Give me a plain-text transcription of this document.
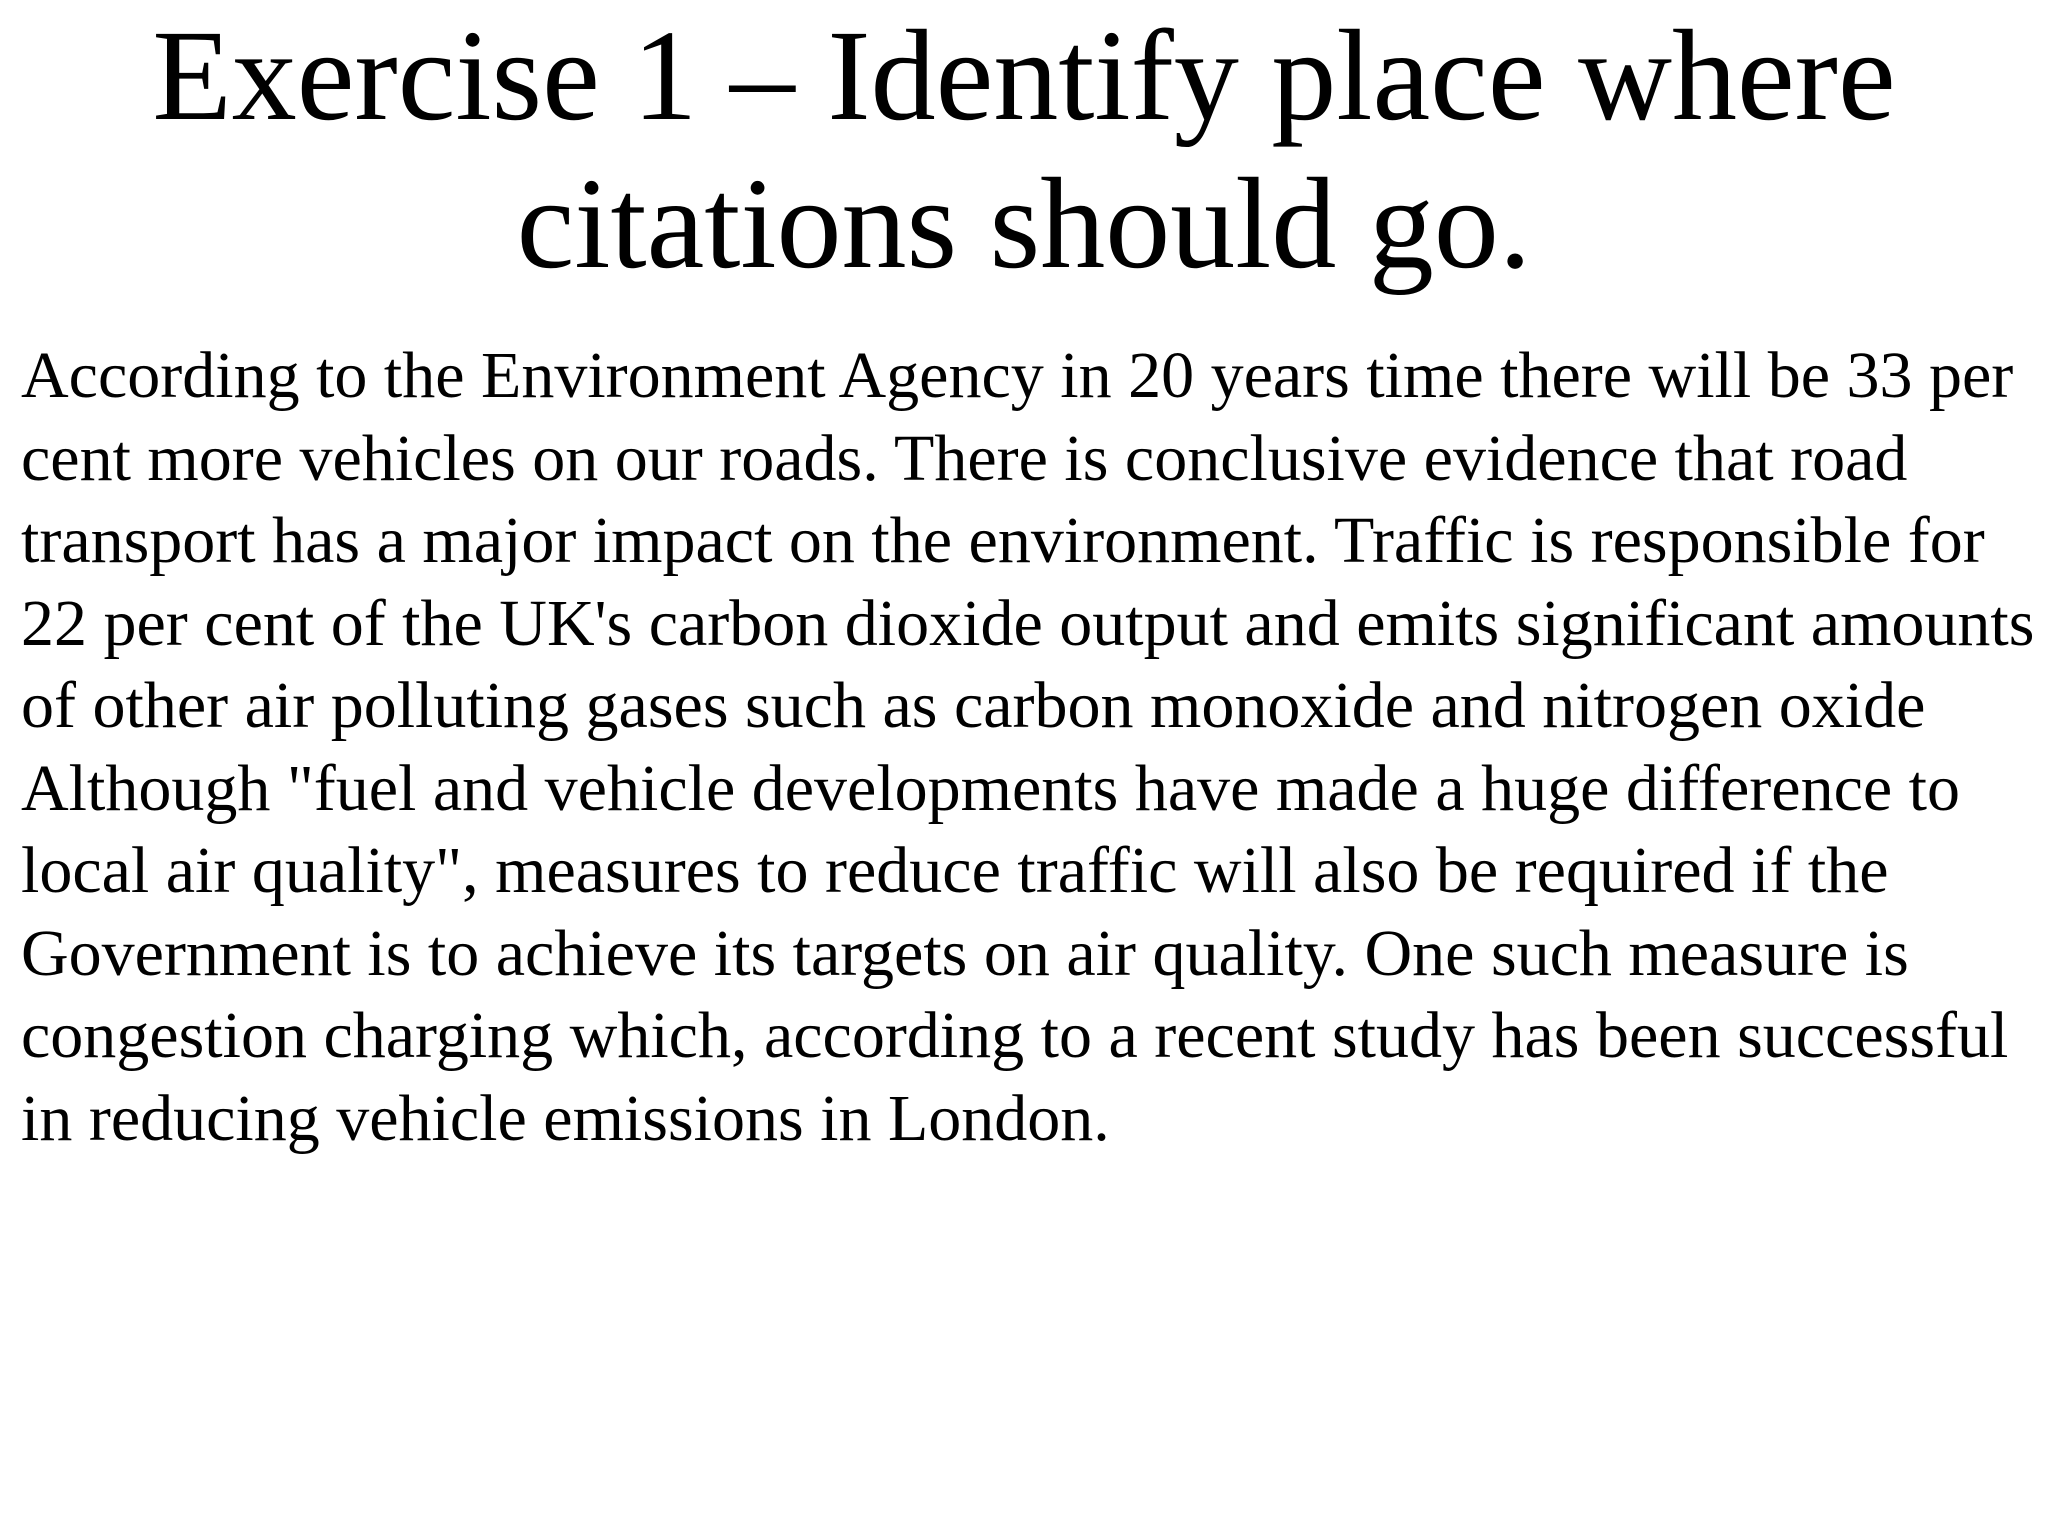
Exercise 1 – Identify place where citations should go.

According to the Environment Agency in 20 years time there will be 33 per cent more vehicles on our roads. There is conclusive evidence that road transport has a major impact on the environment. Traffic is responsible for 22 per cent of the UK's carbon dioxide output and emits significant amounts of other air polluting gases such as carbon monoxide and nitrogen oxide

Although "fuel and vehicle developments have made a huge difference to local air quality", measures to reduce traffic will also be required if the Government is to achieve its targets on air quality. One such measure is congestion charging which, according to a recent study has been successful in reducing vehicle emissions in London.
